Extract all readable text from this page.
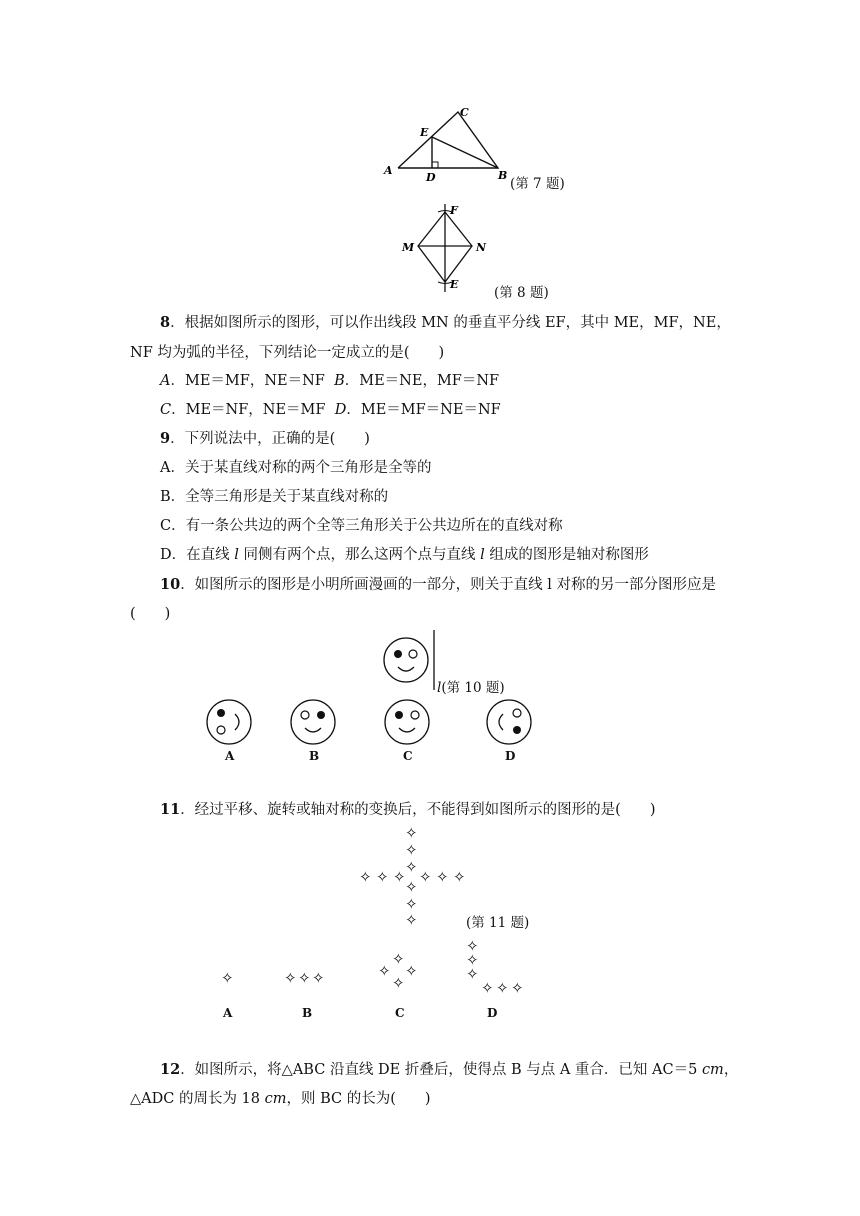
C
E
A
D	B
(第 7 题)
F
M	N
E
(第 8 题)
8．根据如图所示的图形，可以作出线段 MN 的垂直平分线 EF，其中 ME，MF，NE，
NF 均为弧的半径，下列结论一定成立的是(　　)
A．ME＝MF，NE＝NF B．ME＝NE，MF＝NF
C．ME＝NF，NE＝MF D．ME＝MF＝NE＝NF
9．下列说法中，正确的是(　　)
A．关于某直线对称的两个三角形是全等的
B．全等三角形是关于某直线对称的
C．有一条公共边的两个全等三角形关于公共边所在的直线对称
D．在直线 l 同侧有两个点，那么这两个点与直线 l 组成的图形是轴对称图形
10．如图所示的图形是小明所画漫画的一部分，则关于直线 l 对称的另一部分图形应是
(　　)
l(第 10 题)
A	B	C	D
11．经过平移、旋转或轴对称的变换后，不能得到如图所示的图形的是(　　)
✧
✧
✧
✧ ✧ ✧ ✧ ✧ ✧
✧
✧
✧	(第 11 题)
✧	✧ ✧ ✧
✧
✧ ✧
✧
✧
✧
✧
✧ ✧ ✧
A	B	C	D
12．如图所示，将△ABC 沿直线 DE 折叠后，使得点 B 与点 A 重合．已知 AC＝5 cm，
△ADC 的周长为 18 cm，则 BC 的长为(　　)
